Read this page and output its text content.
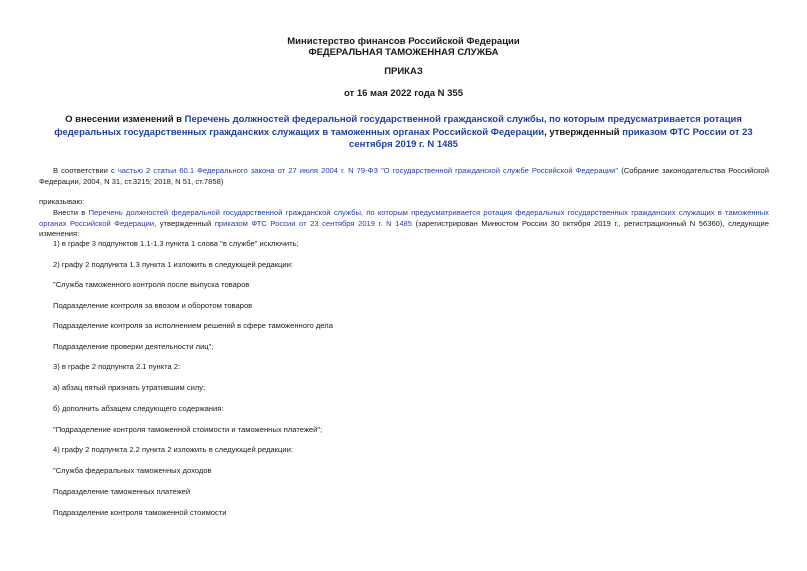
Министерство финансов Российской Федерации
ФЕДЕРАЛЬНАЯ ТАМОЖЕННАЯ СЛУЖБА
ПРИКАЗ
от 16 мая 2022 года N 355
О внесении изменений в Перечень должностей федеральной государственной гражданской службы, по которым предусматривается ротация федеральных государственных гражданских служащих в таможенных органах Российской Федерации, утвержденный приказом ФТС России от 23 сентября 2019 г. N 1485
В соответствии с частью 2 статьи 60.1 Федерального закона от 27 июля 2004 г. N 79-ФЗ "О государственной гражданской службе Российской Федерации" (Собрание законодательства Российской Федерации, 2004, N 31, ст.3215; 2018, N 51, ст.7858)
приказываю:
Внести в Перечень должностей федеральной государственной гражданской службы, по которым предусматривается ротация федеральных государственных гражданских служащих в таможенных органах Российской Федерации, утвержденный приказом ФТС России от 23 сентября 2019 г. N 1485 (зарегистрирован Минюстом России 30 октября 2019 г., регистрационный N 56360), следующие изменения:
1) в графе 3 подпунктов 1.1-1.3 пункта 1 слова "в службе" исключить;
2) графу 2 подпункта 1.3 пункта 1 изложить в следующей редакции:
"Служба таможенного контроля после выпуска товаров
Подразделение контроля за ввозом и оборотом товаров
Подразделение контроля за исполнением решений в сфере таможенного дела
Подразделение проверки деятельности лиц";
3) в графе 2 подпункта 2.1 пункта 2:
а) абзац пятый признать утратившим силу;
б) дополнить абзацем следующего содержания:
"Подразделение контроля таможенной стоимости и таможенных платежей";
4) графу 2 подпункта 2.2 пункта 2 изложить в следующей редакции:
"Служба федеральных таможенных доходов
Подразделение таможенных платежей
Подразделение контроля таможенной стоимости
